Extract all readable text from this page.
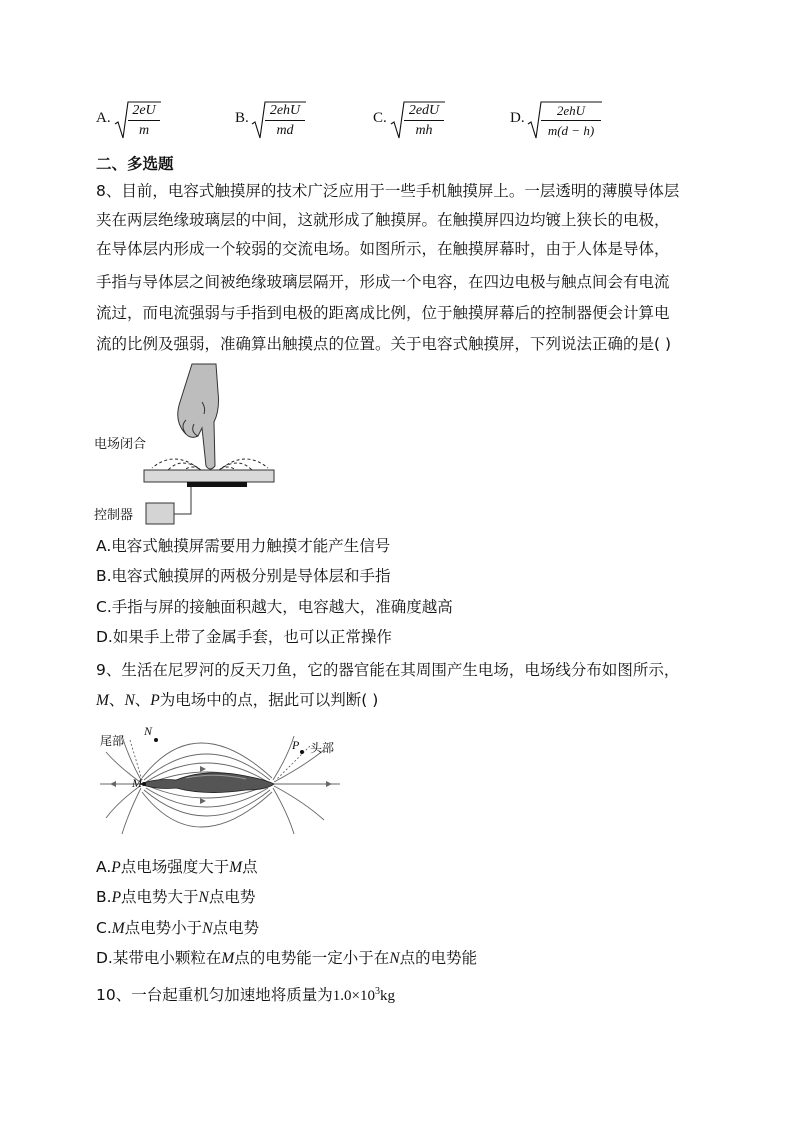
A.	2eU
m
B.	2ehU
md
C.	2edU
mh
D.	2ehU
m(d − h)
二、多选题
8、目前，电容式触摸屏的技术广泛应用于一些手机触摸屏上。一层透明的薄膜导体层
夹在两层绝缘玻璃层的中间，这就形成了触摸屏。在触摸屏四边均镀上狭长的电极，
在导体层内形成一个较弱的交流电场。如图所示，在触摸屏幕时，由于人体是导体，
手指与导体层之间被绝缘玻璃层隔开，形成一个电容，在四边电极与触点间会有电流
流过，而电流强弱与手指到电极的距离成比例，位于触摸屏幕后的控制器便会计算电
流的比例及强弱，准确算出触摸点的位置。关于电容式触摸屏，下列说法正确的是( )
电场闭合
控制器
A.电容式触摸屏需要用力触摸才能产生信号
B.电容式触摸屏的两极分别是导体层和手指
C.手指与屏的接触面积越大，电容越大，准确度越高
D.如果手上带了金属手套，也可以正常操作
9、生活在尼罗河的反天刀鱼，它的器官能在其周围产生电场，电场线分布如图所示，
M、N、P为电场中的点，据此可以判断( )
尾部	头部
M
N
P
A.P点电场强度大于M点
B.P点电势大于N点电势
C.M点电势小于N点电势
D.某带电小颗粒在M点的电势能一定小于在N点的电势能
10、一台起重机匀加速地将质量为$1.0\times 10^3kg$
